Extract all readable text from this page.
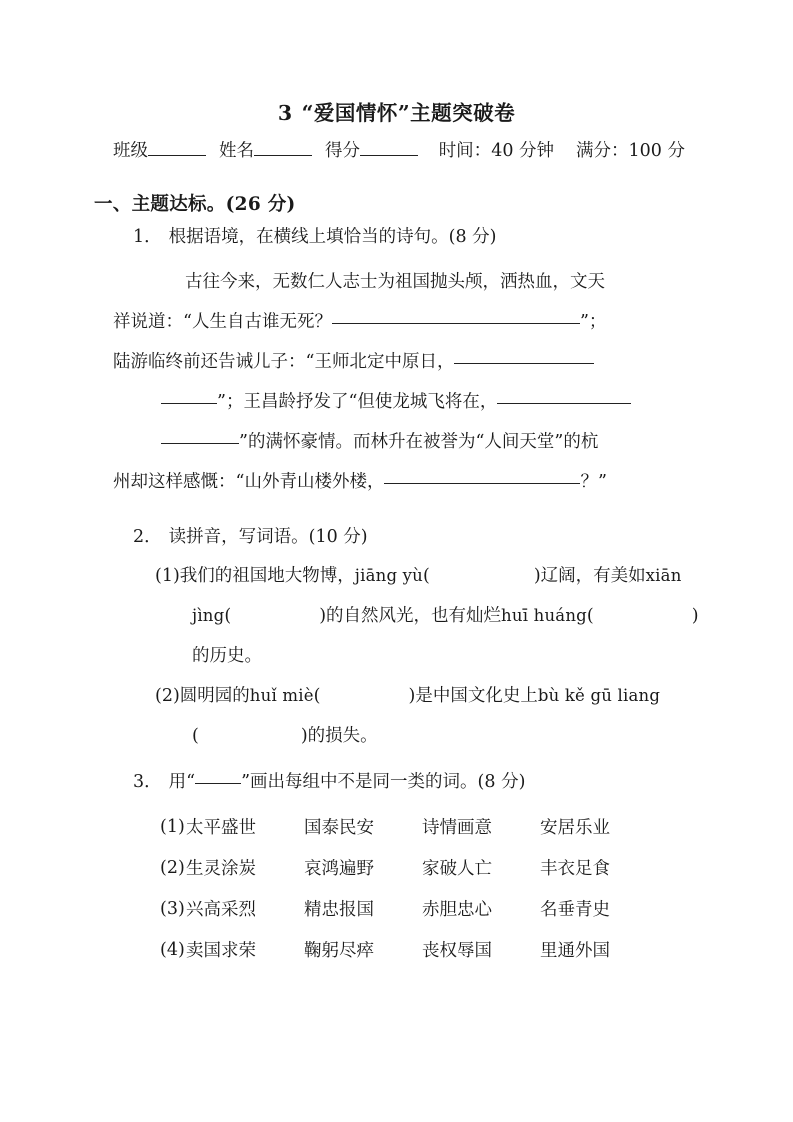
3 “爱国情怀”主题突破卷
班级	姓名	得分	时间： 40 分钟 满分： 100 分
一、主题达标。(26 分)
1． 根据语境，在横线上填恰当的诗句。(8 分)
古往今来，无数仁人志士为祖国抛头颅，洒热血，文天
祥说道：“人生自古谁无死？	”；
陆游临终前还告诫儿子：“王师北定中原日，
”；王昌龄抒发了“但使龙城飞将在，
”的满怀豪情。而林升在被誉为“人间天堂”的杭
州却这样感慨：“山外青山楼外楼，	？”
2． 读拼音，写词语。(10 分)
(1)我们的祖国地大物博，jiāng yù(	)辽阔，有美如xiān
jìng(	)的自然风光，也有灿烂huī huáng(	)
的历史。
(2)圆明园的huǐ miè(	)是中国文化史上bù kě gū liang
(	)的损失。
3． 用“	”画出每组中不是同一类的词。(8 分)
(1) 太平盛世	国泰民安	诗情画意	安居乐业
(2) 生灵涂炭	哀鸿遍野	家破人亡	丰衣足食
(3) 兴高采烈	精忠报国	赤胆忠心	名垂青史
(4) 卖国求荣	鞠躬尽瘁	丧权辱国	里通外国
